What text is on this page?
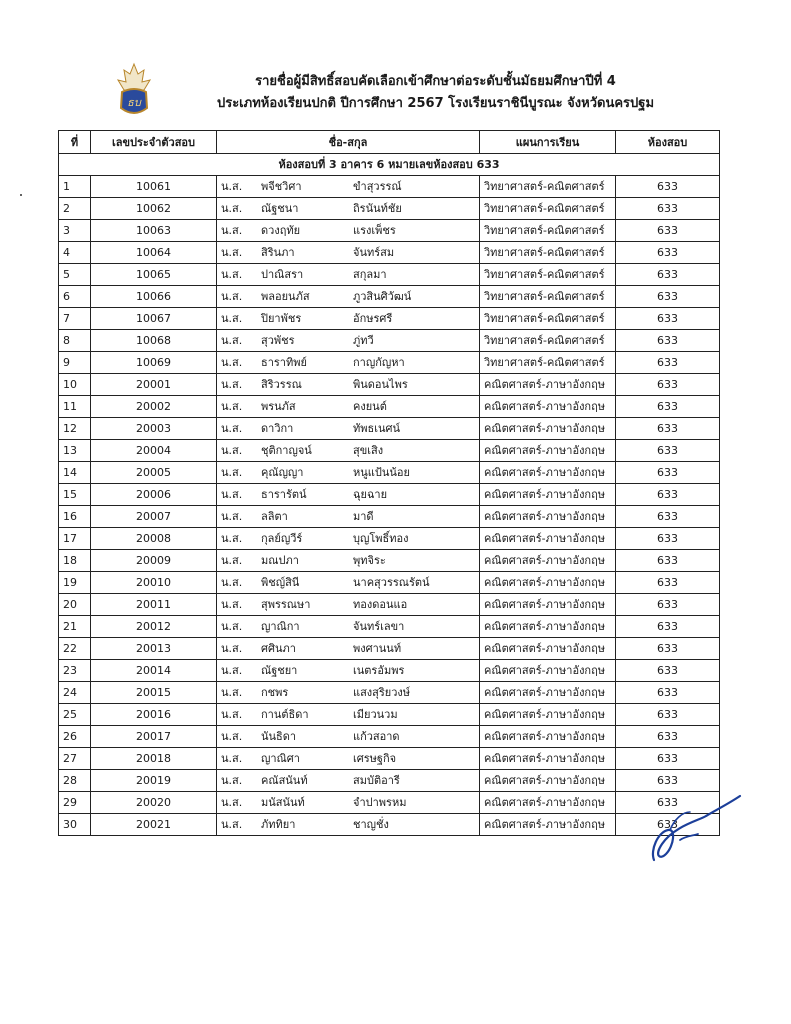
ธบ
รายชื่อผู้มีสิทธิ์สอบคัดเลือกเข้าศึกษาต่อระดับชั้นมัธยมศึกษาปีที่ 4
ประเภทห้องเรียนปกติ ปีการศึกษา 2567 โรงเรียนราชินีบูรณะ จังหวัดนครปฐม
ที่	เลขประจำตัวสอบ	ชื่อ-สกุล	แผนการเรียน	ห้องสอบ
ห้องสอบที่ 3 อาคาร 6 หมายเลขห้องสอบ 633				
1	10061	น.ส. พจีชวิศา ขำสุวรรณ์	วิทยาศาสตร์-คณิตศาสตร์	633
2	10062	น.ส. ณัฐชนา ถิรนันท์ชัย	วิทยาศาสตร์-คณิตศาสตร์	633
3	10063	น.ส. ดวงฤทัย แรงเพ็ชร	วิทยาศาสตร์-คณิตศาสตร์	633
4	10064	น.ส. สิรินภา จันทร์สม	วิทยาศาสตร์-คณิตศาสตร์	633
5	10065	น.ส. ปาณิสรา สกุลมา	วิทยาศาสตร์-คณิตศาสตร์	633
6	10066	น.ส. พลอยนภัส ภูวสินศิวัฒน์	วิทยาศาสตร์-คณิตศาสตร์	633
7	10067	น.ส. ปิยาพัชร อักษรศรี	วิทยาศาสตร์-คณิตศาสตร์	633
8	10068	น.ส. สุวพัชร ภู่ทวี	วิทยาศาสตร์-คณิตศาสตร์	633
9	10069	น.ส. ธาราทิพย์ กาญกัญหา	วิทยาศาสตร์-คณิตศาสตร์	633
10	20001	น.ส. สิริวรรณ พินดอนไพร	คณิตศาสตร์-ภาษาอังกฤษ	633
11	20002	น.ส. พรนภัส คงยนต์	คณิตศาสตร์-ภาษาอังกฤษ	633
12	20003	น.ส. ดาวิกา ทัพธเนศน์	คณิตศาสตร์-ภาษาอังกฤษ	633
13	20004	น.ส. ชุติกาญจน์ สุขเสิง	คณิตศาสตร์-ภาษาอังกฤษ	633
14	20005	น.ส. คุณัญญา หนูแป้นน้อย	คณิตศาสตร์-ภาษาอังกฤษ	633
15	20006	น.ส. ธารารัตน์ ฉุยฉาย	คณิตศาสตร์-ภาษาอังกฤษ	633
16	20007	น.ส. ลลิตา มาดี	คณิตศาสตร์-ภาษาอังกฤษ	633
17	20008	น.ส. กุลย์ญวีร์ บุญโพธิ์ทอง	คณิตศาสตร์-ภาษาอังกฤษ	633
18	20009	น.ส. มณปภา พุทจิระ	คณิตศาสตร์-ภาษาอังกฤษ	633
19	20010	น.ส. พิชญ์สินี นาคสุวรรณรัตน์	คณิตศาสตร์-ภาษาอังกฤษ	633
20	20011	น.ส. สุพรรณษา ทองดอนแอ	คณิตศาสตร์-ภาษาอังกฤษ	633
21	20012	น.ส. ญาณิกา จันทร์เลขา	คณิตศาสตร์-ภาษาอังกฤษ	633
22	20013	น.ส. ศศินภา พงศานนท์	คณิตศาสตร์-ภาษาอังกฤษ	633
23	20014	น.ส. ณัฐชยา เนตรอัมพร	คณิตศาสตร์-ภาษาอังกฤษ	633
24	20015	น.ส. กชพร แสงสุริยวงษ์	คณิตศาสตร์-ภาษาอังกฤษ	633
25	20016	น.ส. กานต์ธิดา เมียวนวม	คณิตศาสตร์-ภาษาอังกฤษ	633
26	20017	น.ส. นันธิดา แก้วสอาด	คณิตศาสตร์-ภาษาอังกฤษ	633
27	20018	น.ส. ญาณิศา เศรษฐกิจ	คณิตศาสตร์-ภาษาอังกฤษ	633
28	20019	น.ส. คณัสนันท์ สมบัติอารี	คณิตศาสตร์-ภาษาอังกฤษ	633
29	20020	น.ส. มนัสนันท์ จำปาพรหม	คณิตศาสตร์-ภาษาอังกฤษ	633
30	20021	น.ส. ภัททิยา ชาญชั่ง	คณิตศาสตร์-ภาษาอังกฤษ	633
